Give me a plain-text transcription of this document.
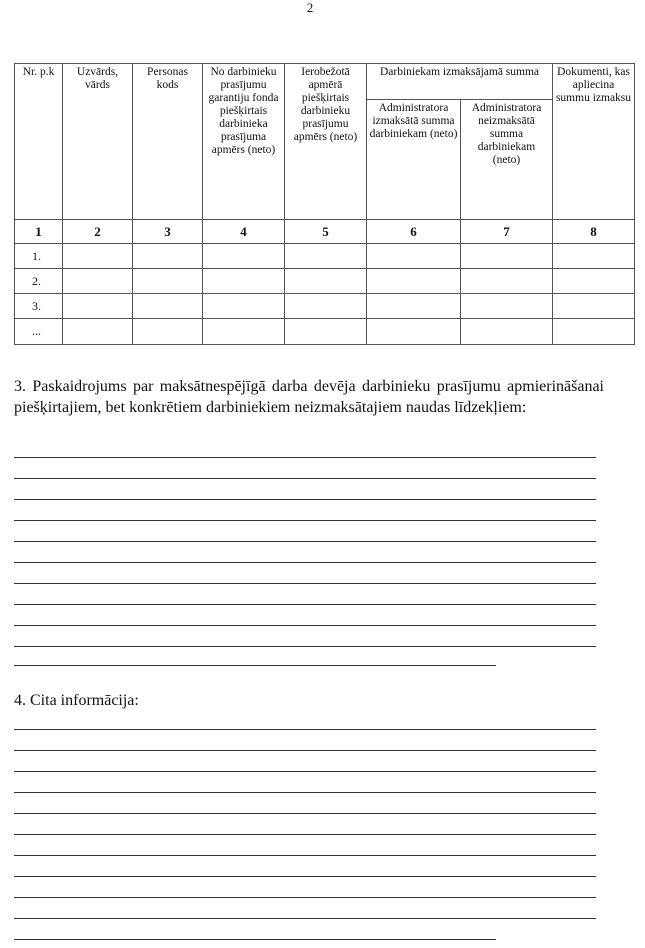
2
Nr. p.k	Uzvārds, vārds	Personas kods	No darbinieku prasījumu garantiju fonda piešķirtais darbinieka prasījuma apmērs (neto)	Ierobežotā apmērā piešķirtais darbinieku prasījumu apmērs (neto)	Darbiniekam izmaksājamā summa		Dokumenti, kas apliecina summu izmaksu
					Administratora izmaksātā summa darbiniekam (neto)	Administratora neizmaksātā summa darbiniekam (neto)	
1	2	3	4	5	6	7	8
1.							
2.							
3.							
...							
3. Paskaidrojums par maksātnespējīgā darba devēja darbinieku prasījumu apmierināšanai piešķirtajiem, bet konkrētiem darbiniekiem neizmaksātajiem naudas līdzekļiem:
4. Cita informācija:
